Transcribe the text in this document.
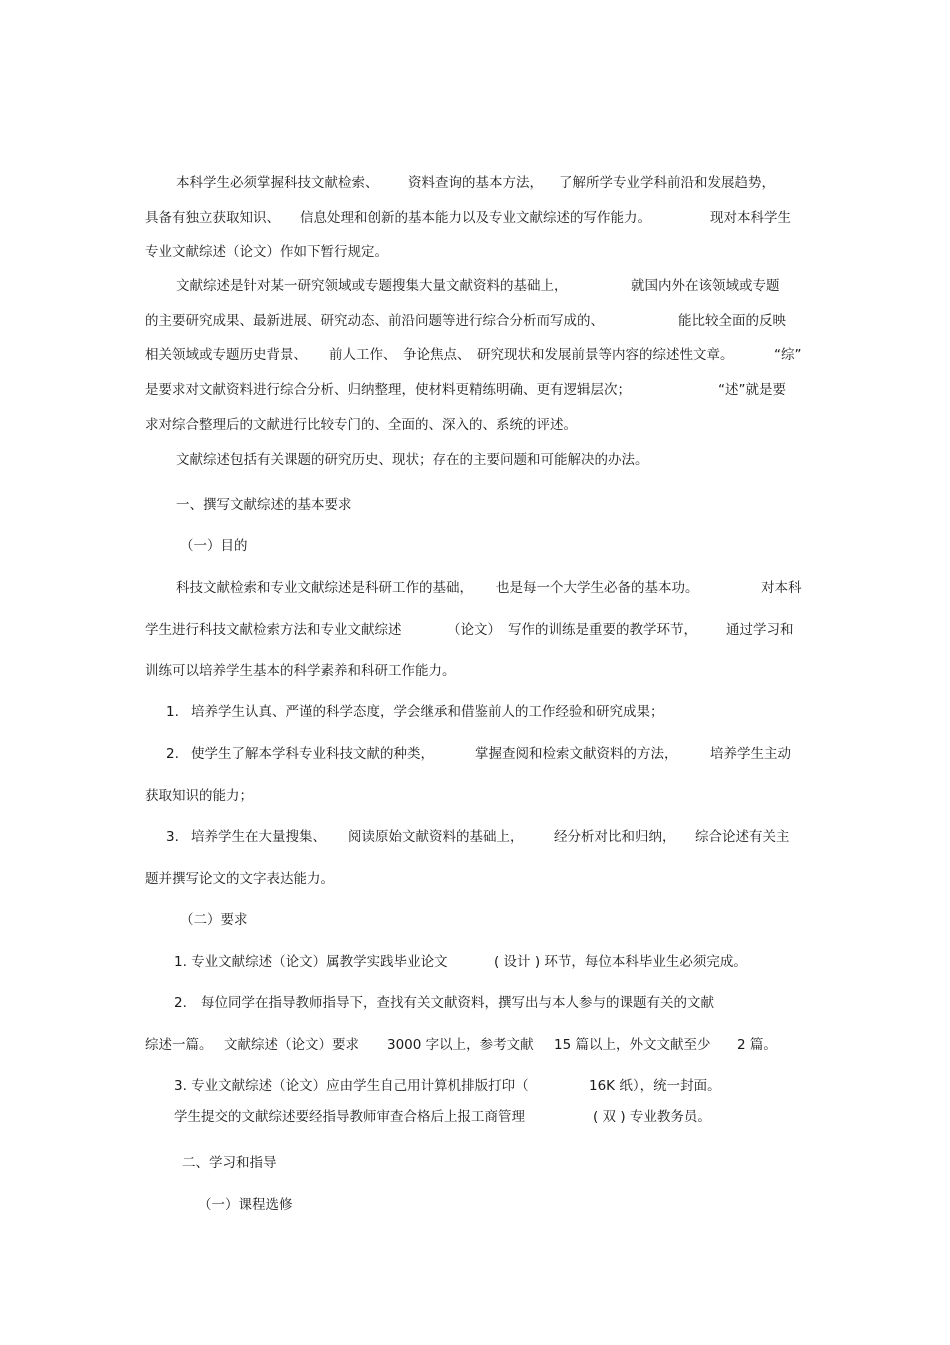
本科学生必须掌握科技文献检索、 资料查询的基本方法， 了解所学专业学科前沿和发展趋势，
具备有独立获取知识、 信息处理和创新的基本能力以及专业文献综述的写作能力。	现对本科学生
专业文献综述（论文）作如下暂行规定。
文献综述是针对某一研究领域或专题搜集大量文献资料的基础上，	就国内外在该领域或专题
的主要研究成果、最新进展、研究动态、前沿问题等进行综合分析而写成的、	能比较全面的反映
相关领域或专题历史背景、 前人工作、 争论焦点、 研究现状和发展前景等内容的综述性文章。	“综”
是要求对文献资料进行综合分析、归纳整理，使材料更精练明确、更有逻辑层次；	“述”就是要
求对综合整理后的文献进行比较专门的、全面的、深入的、系统的评述。
文献综述包括有关课题的研究历史、现状；存在的主要问题和可能解决的办法。
一、撰写文献综述的基本要求
（一）目的
科技文献检索和专业文献综述是科研工作的基础， 也是每一个大学生必备的基本功。	对本科
学生进行科技文献检索方法和专业文献综述	（论文） 写作的训练是重要的教学环节， 通过学习和
训练可以培养学生基本的科学素养和科研工作能力。
1. 培养学生认真、严谨的科学态度，学会继承和借鉴前人的工作经验和研究成果；
2. 使学生了解本学科专业科技文献的种类，	掌握查阅和检索文献资料的方法， 培养学生主动
获取知识的能力；
3. 培养学生在大量搜集、 阅读原始文献资料的基础上， 经分析对比和归纳， 综合论述有关主
题并撰写论文的文字表达能力。
（二）要求
1. 专业文献综述（论文）属教学实践毕业论文	( 设计 ) 环节，每位本科毕业生必须完成。
2. 每位同学在指导教师指导下，查找有关文献资料，撰写出与本人参与的课题有关的文献
综述一篇。 文献综述（论文）要求 3000 字以上，参考文献 15 篇以上，外文文献至少 2 篇。
3. 专业文献综述（论文）应由学生自己用计算机排版打印（	16K 纸），统一封面。
学生提交的文献综述要经指导教师审查合格后上报工商管理	( 双 ) 专业教务员。
二、学习和指导
（一）课程选修
